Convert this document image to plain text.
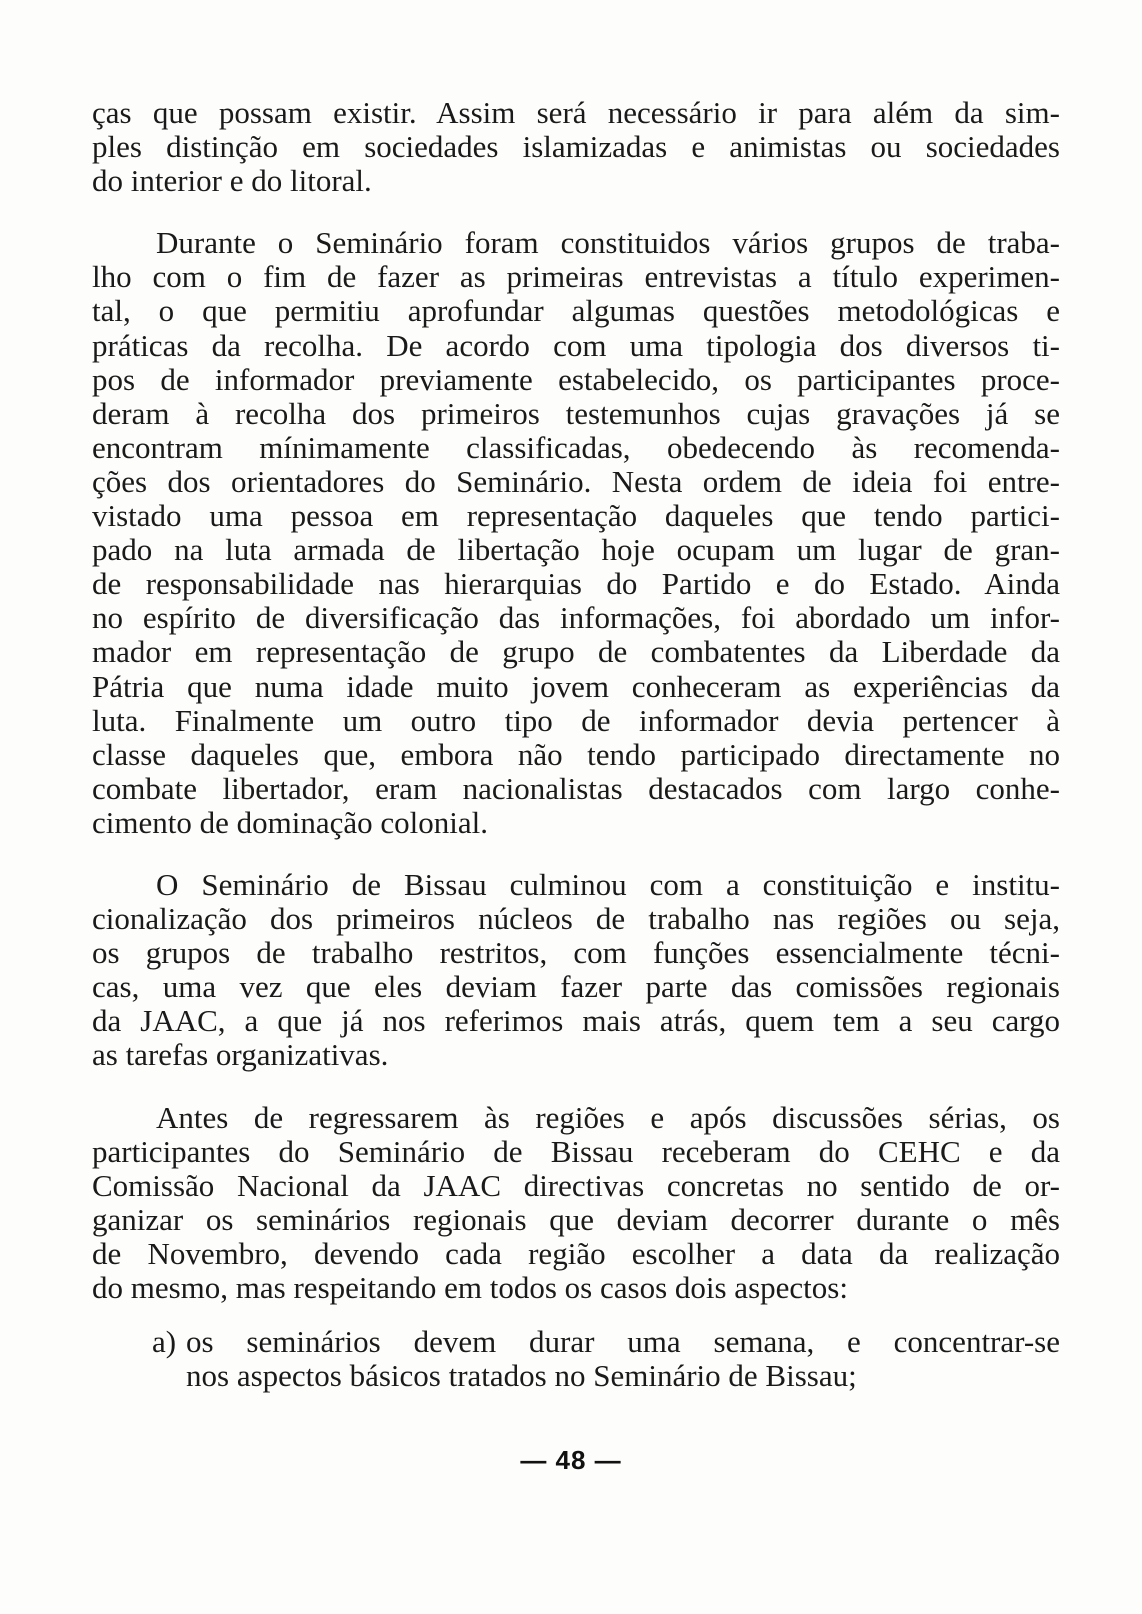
ças que possam existir. Assim será necessário ir para além da sim-
ples distinção em sociedades islamizadas e animistas ou sociedades
do interior e do litoral.
Durante o Seminário foram constituidos vários grupos de traba-
lho com o fim de fazer as primeiras entrevistas a título experimen-
tal, o que permitiu aprofundar algumas questões metodológicas e
práticas da recolha. De acordo com uma tipologia dos diversos ti-
pos de informador previamente estabelecido, os participantes proce-
deram à recolha dos primeiros testemunhos cujas gravações já se
encontram mínimamente classificadas, obedecendo às recomenda-
ções dos orientadores do Seminário. Nesta ordem de ideia foi entre-
vistado uma pessoa em representação daqueles que tendo partici-
pado na luta armada de libertação hoje ocupam um lugar de gran-
de responsabilidade nas hierarquias do Partido e do Estado. Ainda
no espírito de diversificação das informações, foi abordado um infor-
mador em representação de grupo de combatentes da Liberdade da
Pátria que numa idade muito jovem conheceram as experiências da
luta. Finalmente um outro tipo de informador devia pertencer à
classe daqueles que, embora não tendo participado directamente no
combate libertador, eram nacionalistas destacados com largo conhe-
cimento de dominação colonial.
O Seminário de Bissau culminou com a constituição e institu-
cionalização dos primeiros núcleos de trabalho nas regiões ou seja,
os grupos de trabalho restritos, com funções essencialmente técni-
cas, uma vez que eles deviam fazer parte das comissões regionais
da JAAC, a que já nos referimos mais atrás, quem tem a seu cargo
as tarefas organizativas.
Antes de regressarem às regiões e após discussões sérias, os
participantes do Seminário de Bissau receberam do CEHC e da
Comissão Nacional da JAAC directivas concretas no sentido de or-
ganizar os seminários regionais que deviam decorrer durante o mês
de Novembro, devendo cada região escolher a data da realização
do mesmo, mas respeitando em todos os casos dois aspectos:
a) os seminários devem durar uma semana, e concentrar-se
nos aspectos básicos tratados no Seminário de Bissau;
— 48 —
